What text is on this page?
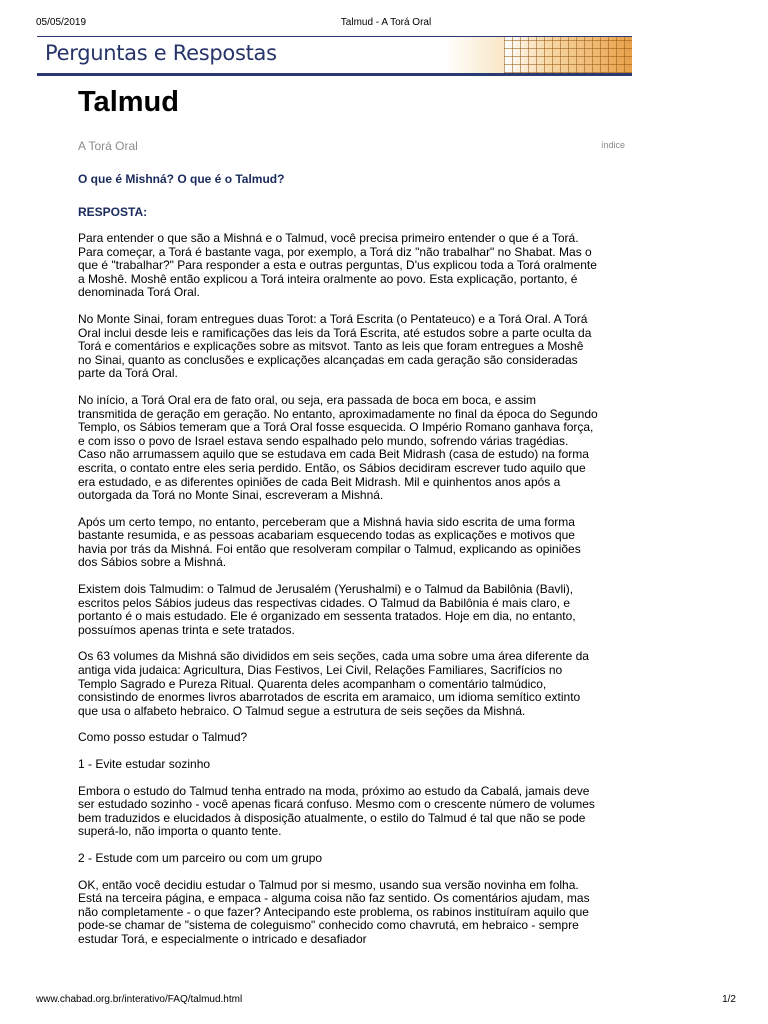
05/05/2019	Talmud - A Torá Oral
Perguntas e Respostas
Talmud
A Torá Oral	índice
O que é Mishná? O que é o Talmud?
RESPOSTA:

Para entender o que são a Mishná e o Talmud, você precisa primeiro entender o que é a Torá. Para começar, a Torá é bastante vaga, por exemplo, a Torá diz "não trabalhar" no Shabat. Mas o que é "trabalhar?" Para responder a esta e outras perguntas, D'us explicou toda a Torá oralmente a Moshê. Moshê então explicou a Torá inteira oralmente ao povo. Esta explicação, portanto, é denominada Torá Oral.

No Monte Sinai, foram entregues duas Torot: a Torá Escrita (o Pentateuco) e a Torá Oral. A Torá Oral inclui desde leis e ramificações das leis da Torá Escrita, até estudos sobre a parte oculta da Torá e comentários e explicações sobre as mitsvot. Tanto as leis que foram entregues a Moshê no Sinai, quanto as conclusões e explicações alcançadas em cada geração são consideradas parte da Torá Oral.

No início, a Torá Oral era de fato oral, ou seja, era passada de boca em boca, e assim transmitida de geração em geração. No entanto, aproximadamente no final da época do Segundo Templo, os Sábios temeram que a Torá Oral fosse esquecida. O Império Romano ganhava força, e com isso o povo de Israel estava sendo espalhado pelo mundo, sofrendo várias tragédias. Caso não arrumassem aquilo que se estudava em cada Beit Midrash (casa de estudo) na forma escrita, o contato entre eles seria perdido. Então, os Sábios decidiram escrever tudo aquilo que era estudado, e as diferentes opiniões de cada Beit Midrash. Mil e quinhentos anos após a outorgada da Torá no Monte Sinai, escreveram a Mishná.

Após um certo tempo, no entanto, perceberam que a Mishná havia sido escrita de uma forma bastante resumida, e as pessoas acabariam esquecendo todas as explicações e motivos que havia por trás da Mishná. Foi então que resolveram compilar o Talmud, explicando as opiniões dos Sábios sobre a Mishná.

Existem dois Talmudim: o Talmud de Jerusalém (Yerushalmi) e o Talmud da Babilônia (Bavli), escritos pelos Sábios judeus das respectivas cidades. O Talmud da Babilônia é mais claro, e portanto é o mais estudado. Ele é organizado em sessenta tratados. Hoje em dia, no entanto, possuímos apenas trinta e sete tratados.

Os 63 volumes da Mishná são divididos em seis seções, cada uma sobre uma área diferente da antiga vida judaica: Agricultura, Dias Festivos, Lei Civil, Relações Familiares, Sacrifícios no Templo Sagrado e Pureza Ritual. Quarenta deles acompanham o comentário talmúdico, consistindo de enormes livros abarrotados de escrita em aramaico, um idioma semítico extinto que usa o alfabeto hebraico. O Talmud segue a estrutura de seis seções da Mishná.

Como posso estudar o Talmud?

1 - Evite estudar sozinho

Embora o estudo do Talmud tenha entrado na moda, próximo ao estudo da Cabalá, jamais deve ser estudado sozinho - você apenas ficará confuso. Mesmo com o crescente número de volumes bem traduzidos e elucidados à disposição atualmente, o estilo do Talmud é tal que não se pode superá-lo, não importa o quanto tente.

2 - Estude com um parceiro ou com um grupo

OK, então você decidiu estudar o Talmud por si mesmo, usando sua versão novinha em folha. Está na terceira página, e empaca - alguma coisa não faz sentido. Os comentários ajudam, mas não completamente - o que fazer? Antecipando este problema, os rabinos instituíram aquilo que pode-se chamar de "sistema de coleguismo" conhecido como chavrutá, em hebraico - sempre estudar Torá, e especialmente o intricado e desafiador

www.chabad.org.br/interativo/FAQ/talmud.html	1/2
